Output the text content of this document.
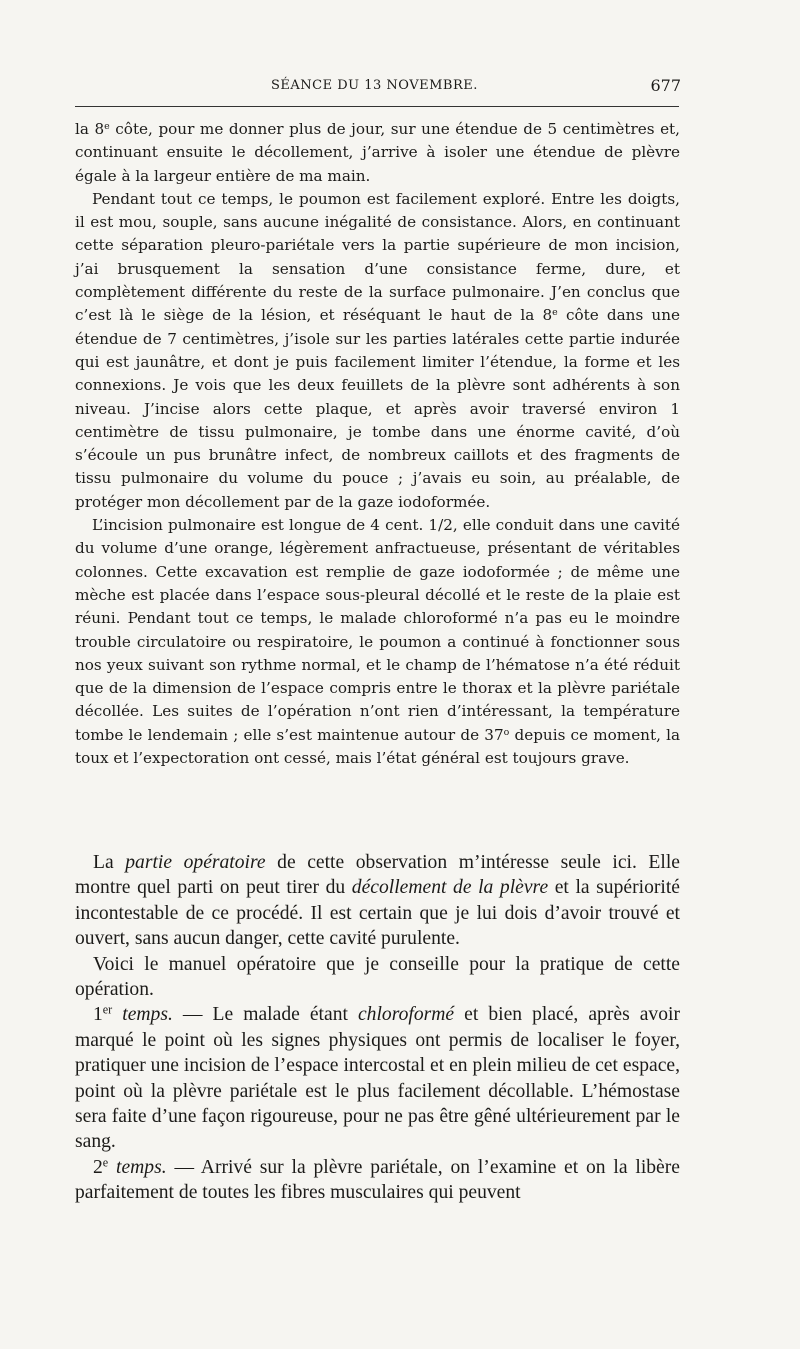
SÉANCE DU 13 NOVEMBRE.	677

la 8e côte, pour me donner plus de jour, sur une étendue de 5 centimètres et, continuant ensuite le décollement, j’arrive à isoler une étendue de plèvre égale à la largeur entière de ma main.

Pendant tout ce temps, le poumon est facilement exploré. Entre les doigts, il est mou, souple, sans aucune inégalité de consistance. Alors, en continuant cette séparation pleuro-pariétale vers la partie supérieure de mon incision, j’ai brusquement la sensation d’une consistance ferme, dure, et complètement différente du reste de la surface pulmonaire. J’en conclus que c’est là le siège de la lésion, et réséquant le haut de la 8e côte dans une étendue de 7 centimètres, j’isole sur les parties latérales cette partie indurée qui est jaunâtre, et dont je puis facilement limiter l’étendue, la forme et les connexions. Je vois que les deux feuillets de la plèvre sont adhérents à son niveau. J’incise alors cette plaque, et après avoir traversé environ 1 centimètre de tissu pulmonaire, je tombe dans une énorme cavité, d’où s’écoule un pus brunâtre infect, de nombreux caillots et des fragments de tissu pulmonaire du volume du pouce ; j’avais eu soin, au préalable, de protéger mon décollement par de la gaze iodoformée.

L’incision pulmonaire est longue de 4 cent. 1/2, elle conduit dans une cavité du volume d’une orange, légèrement anfractueuse, présentant de véritables colonnes. Cette excavation est remplie de gaze iodoformée ; de même une mèche est placée dans l’espace sous-pleural décollé et le reste de la plaie est réuni. Pendant tout ce temps, le malade chloroformé n’a pas eu le moindre trouble circulatoire ou respiratoire, le poumon a continué à fonctionner sous nos yeux suivant son rythme normal, et le champ de l’hématose n’a été réduit que de la dimension de l’espace compris entre le thorax et la plèvre pariétale décollée. Les suites de l’opération n’ont rien d’intéressant, la température tombe le lendemain ; elle s’est maintenue autour de 37$^o$ depuis ce moment, la toux et l’expectoration ont cessé, mais l’état général est toujours grave.

La partie opératoire de cette observation m’intéresse seule ici. Elle montre quel parti on peut tirer du décollement de la plèvre et la supériorité incontestable de ce procédé. Il est certain que je lui dois d’avoir trouvé et ouvert, sans aucun danger, cette cavité purulente.

Voici le manuel opératoire que je conseille pour la pratique de cette opération.

1er temps. — Le malade étant chloroformé et bien placé, après avoir marqué le point où les signes physiques ont permis de localiser le foyer, pratiquer une incision de l’espace intercostal et en plein milieu de cet espace, point où la plèvre pariétale est le plus facilement décollable. L’hémostase sera faite d’une façon rigoureuse, pour ne pas être gêné ultérieurement par le sang.

2e temps. — Arrivé sur la plèvre pariétale, on l’examine et on la libère parfaitement de toutes les fibres musculaires qui peuvent
